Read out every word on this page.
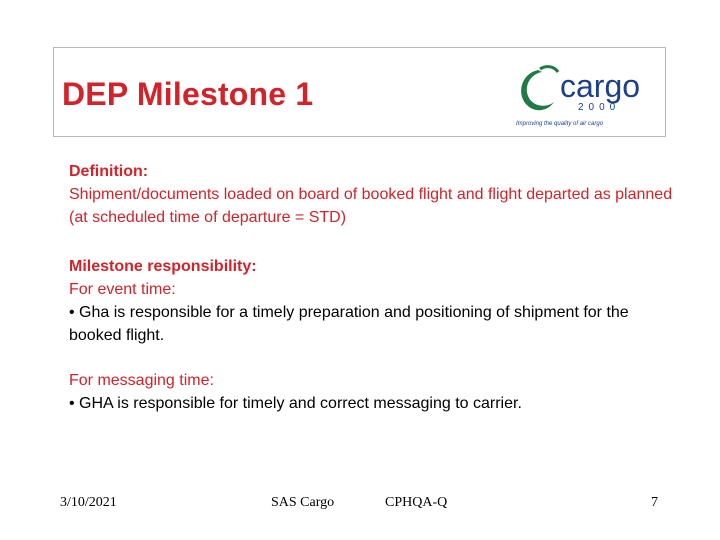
DEP Milestone 1	cargo
2000
Improving the quality of air cargo

Definition:

Shipment/documents loaded on board of booked flight and flight departed as planned (at scheduled time of departure = STD)

Milestone responsibility:

For event time:

• Gha is responsible for a timely preparation and positioning of shipment for the booked flight.

For messaging time:

• GHA is responsible for timely and correct messaging to carrier.

3/10/2021	SAS Cargo	CPHQA-Q	7
